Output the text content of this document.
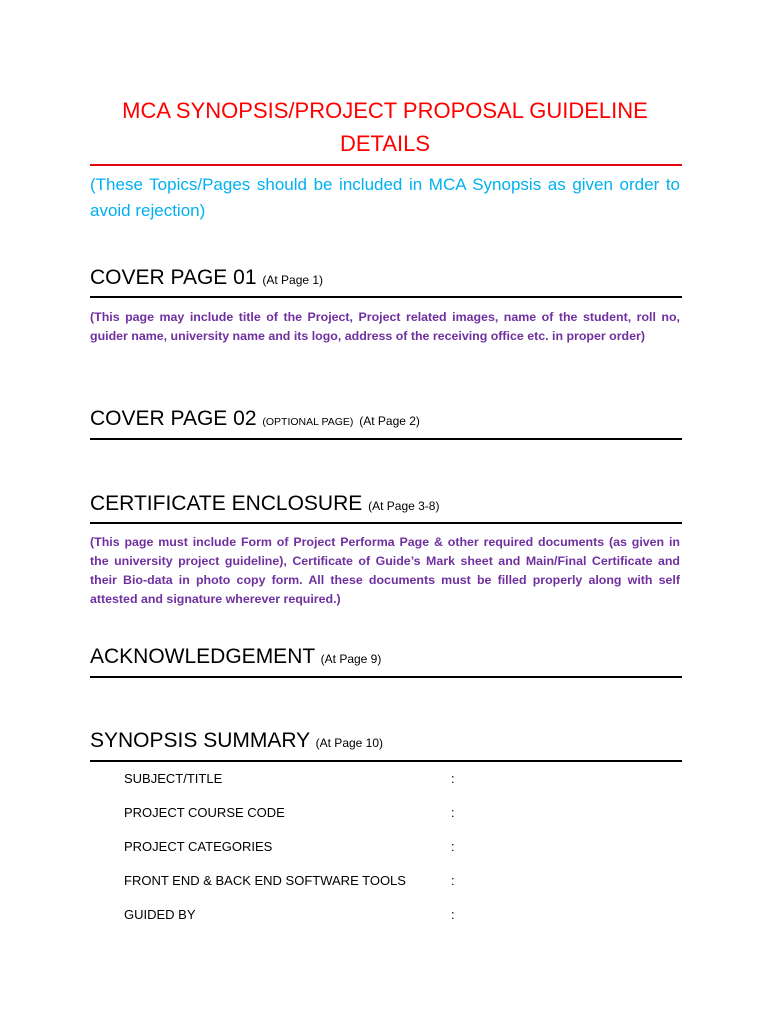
MCA SYNOPSIS/PROJECT PROPOSAL GUIDELINE DETAILS
(These Topics/Pages should be included in MCA Synopsis as given order to avoid rejection)
COVER PAGE 01 (At Page 1)
(This page may include title of the Project, Project related images, name of the student, roll no, guider name, university name and its logo, address of the receiving office etc. in proper order)
COVER PAGE 02 (OPTIONAL PAGE) (At Page 2)
CERTIFICATE ENCLOSURE (At Page 3-8)
(This page must include Form of Project Performa Page & other required documents (as given in the university project guideline), Certificate of Guide’s Mark sheet and Main/Final Certificate and their Bio-data in photo copy form. All these documents must be filled properly along with self attested and signature wherever required.)
ACKNOWLEDGEMENT (At Page 9)
SYNOPSIS SUMMARY (At Page 10)
SUBJECT/TITLE	:
PROJECT COURSE CODE	:
PROJECT CATEGORIES	:
FRONT END & BACK END SOFTWARE TOOLS	:
GUIDED BY	:
